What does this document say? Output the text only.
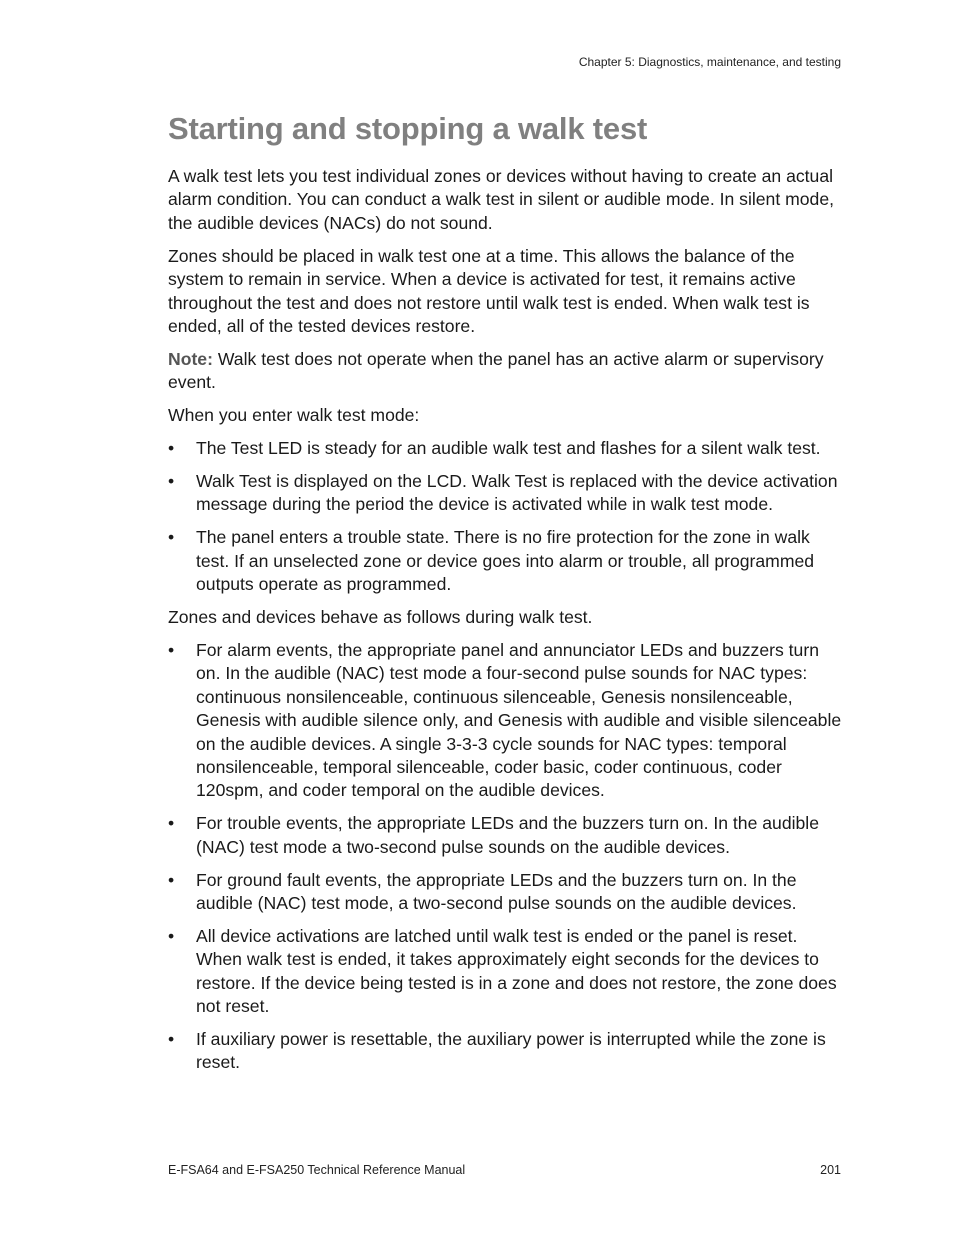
Chapter 5: Diagnostics, maintenance, and testing
Starting and stopping a walk test

A walk test lets you test individual zones or devices without having to create an actual alarm condition. You can conduct a walk test in silent or audible mode. In silent mode, the audible devices (NACs) do not sound.

Zones should be placed in walk test one at a time. This allows the balance of the system to remain in service. When a device is activated for test, it remains active throughout the test and does not restore until walk test is ended. When walk test is ended, all of the tested devices restore.

Note: Walk test does not operate when the panel has an active alarm or supervisory event.

When you enter walk test mode:

•	The Test LED is steady for an audible walk test and flashes for a silent walk test.
•	Walk Test is displayed on the LCD. Walk Test is replaced with the device activation message during the period the device is activated while in walk test mode.
•	The panel enters a trouble state. There is no fire protection for the zone in walk test. If an unselected zone or device goes into alarm or trouble, all programmed outputs operate as programmed.

Zones and devices behave as follows during walk test.

•	For alarm events, the appropriate panel and annunciator LEDs and buzzers turn on. In the audible (NAC) test mode a four-second pulse sounds for NAC types: continuous nonsilenceable, continuous silenceable, Genesis nonsilenceable, Genesis with audible silence only, and Genesis with audible and visible silenceable on the audible devices. A single 3-3-3 cycle sounds for NAC types: temporal nonsilenceable, temporal silenceable, coder basic, coder continuous, coder 120spm, and coder temporal on the audible devices.
•	For trouble events, the appropriate LEDs and the buzzers turn on. In the audible (NAC) test mode a two-second pulse sounds on the audible devices.
•	For ground fault events, the appropriate LEDs and the buzzers turn on. In the audible (NAC) test mode, a two-second pulse sounds on the audible devices.
•	All device activations are latched until walk test is ended or the panel is reset. When walk test is ended, it takes approximately eight seconds for the devices to restore. If the device being tested is in a zone and does not restore, the zone does not reset.
•	If auxiliary power is resettable, the auxiliary power is interrupted while the zone is reset.
E-FSA64 and E-FSA250 Technical Reference Manual	201
